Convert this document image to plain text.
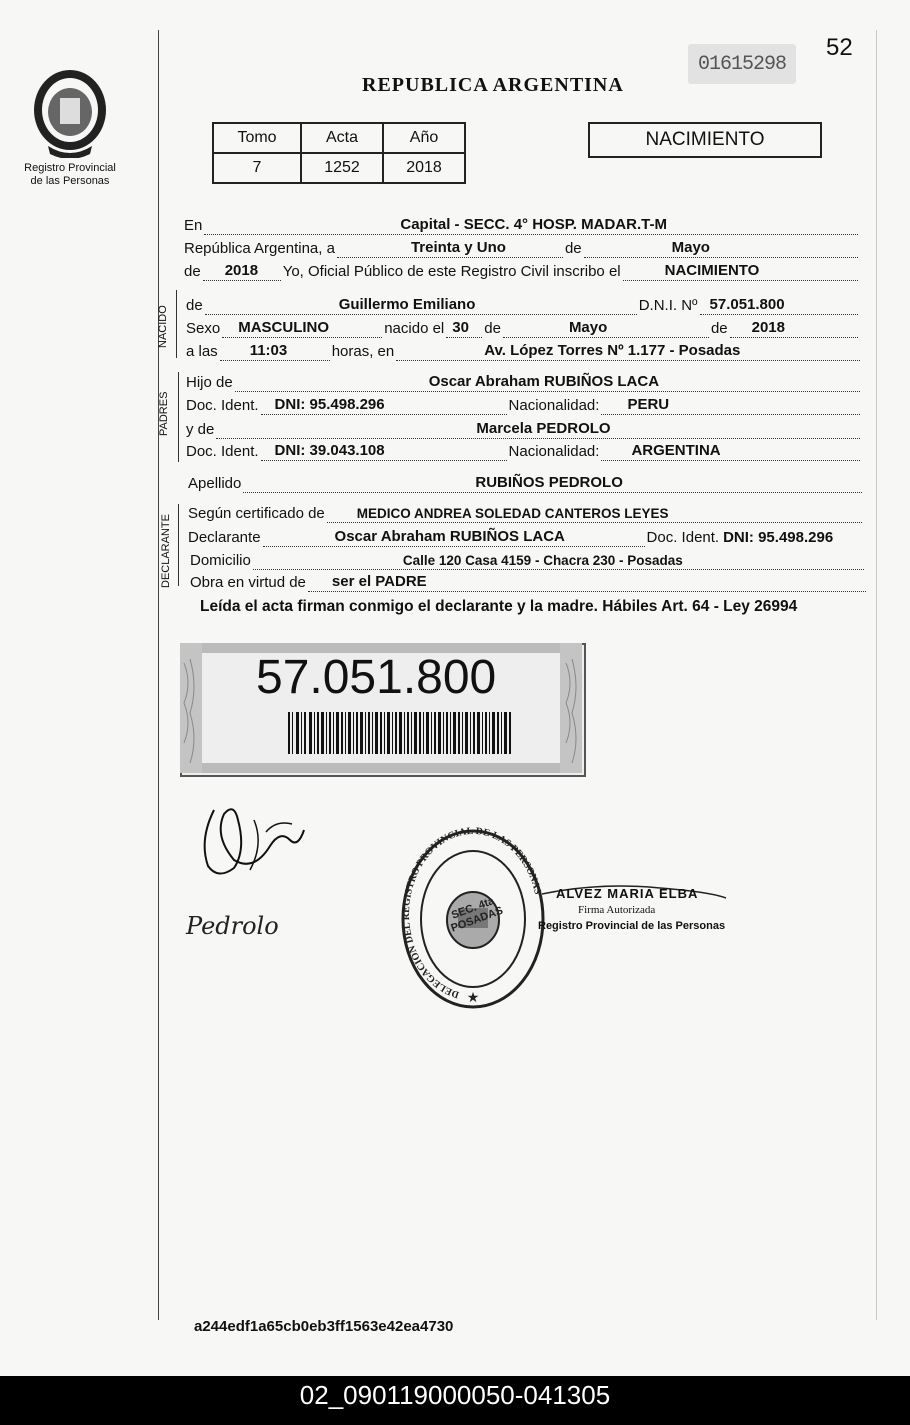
Registro Provincial
de las Personas
52
01615298
REPUBLICA ARGENTINA
Tomo	Acta	Año
7	1252	2018
NACIMIENTO
En	Capital - SECC. 4° HOSP. MADAR.T-M
República Argentina, a	Treinta y Uno	de	Mayo
de 2018 Yo, Oficial Público de este Registro Civil inscribo el	NACIMIENTO
NACIDO de	Guillermo Emiliano	D.N.I. Nº 57.051.800
Sexo MASCULINO	nacido el 30 de	Mayo	de 2018
a las 11:03	horas, en	Av. López Torres Nº 1.177 - Posadas
PADRES
Hijo de	Oscar Abraham RUBIÑOS LACA
Doc. Ident. DNI: 95.498.296	Nacionalidad: PERU
y de	Marcela PEDROLO
Doc. Ident. DNI: 39.043.108	Nacionalidad: ARGENTINA
Apellido	RUBIÑOS PEDROLO
DECLARANTE
Según certificado de MEDICO ANDREA SOLEDAD CANTEROS LEYES
Declarante	Oscar Abraham RUBIÑOS LACA	Doc. Ident. DNI: 95.498.296
Domicilio	Calle 120 Casa 4159 - Chacra 230 - Posadas
Obra en virtud de ser el PADRE
Leída el acta firman conmigo el declarante y la madre. Hábiles Art. 64 - Ley 26994
57.051.800
Pedrolo
DELEGACION DEL REGISTRO PROVINCIAL DE LAS PERSONAS
★
SEC. 4ta POSADAS
ALVEZ MARIA ELBA
Firma Autorizada
Registro Provincial de las Personas
a244edf1a65cb0eb3ff1563e42ea4730
02_090119000050-041305
